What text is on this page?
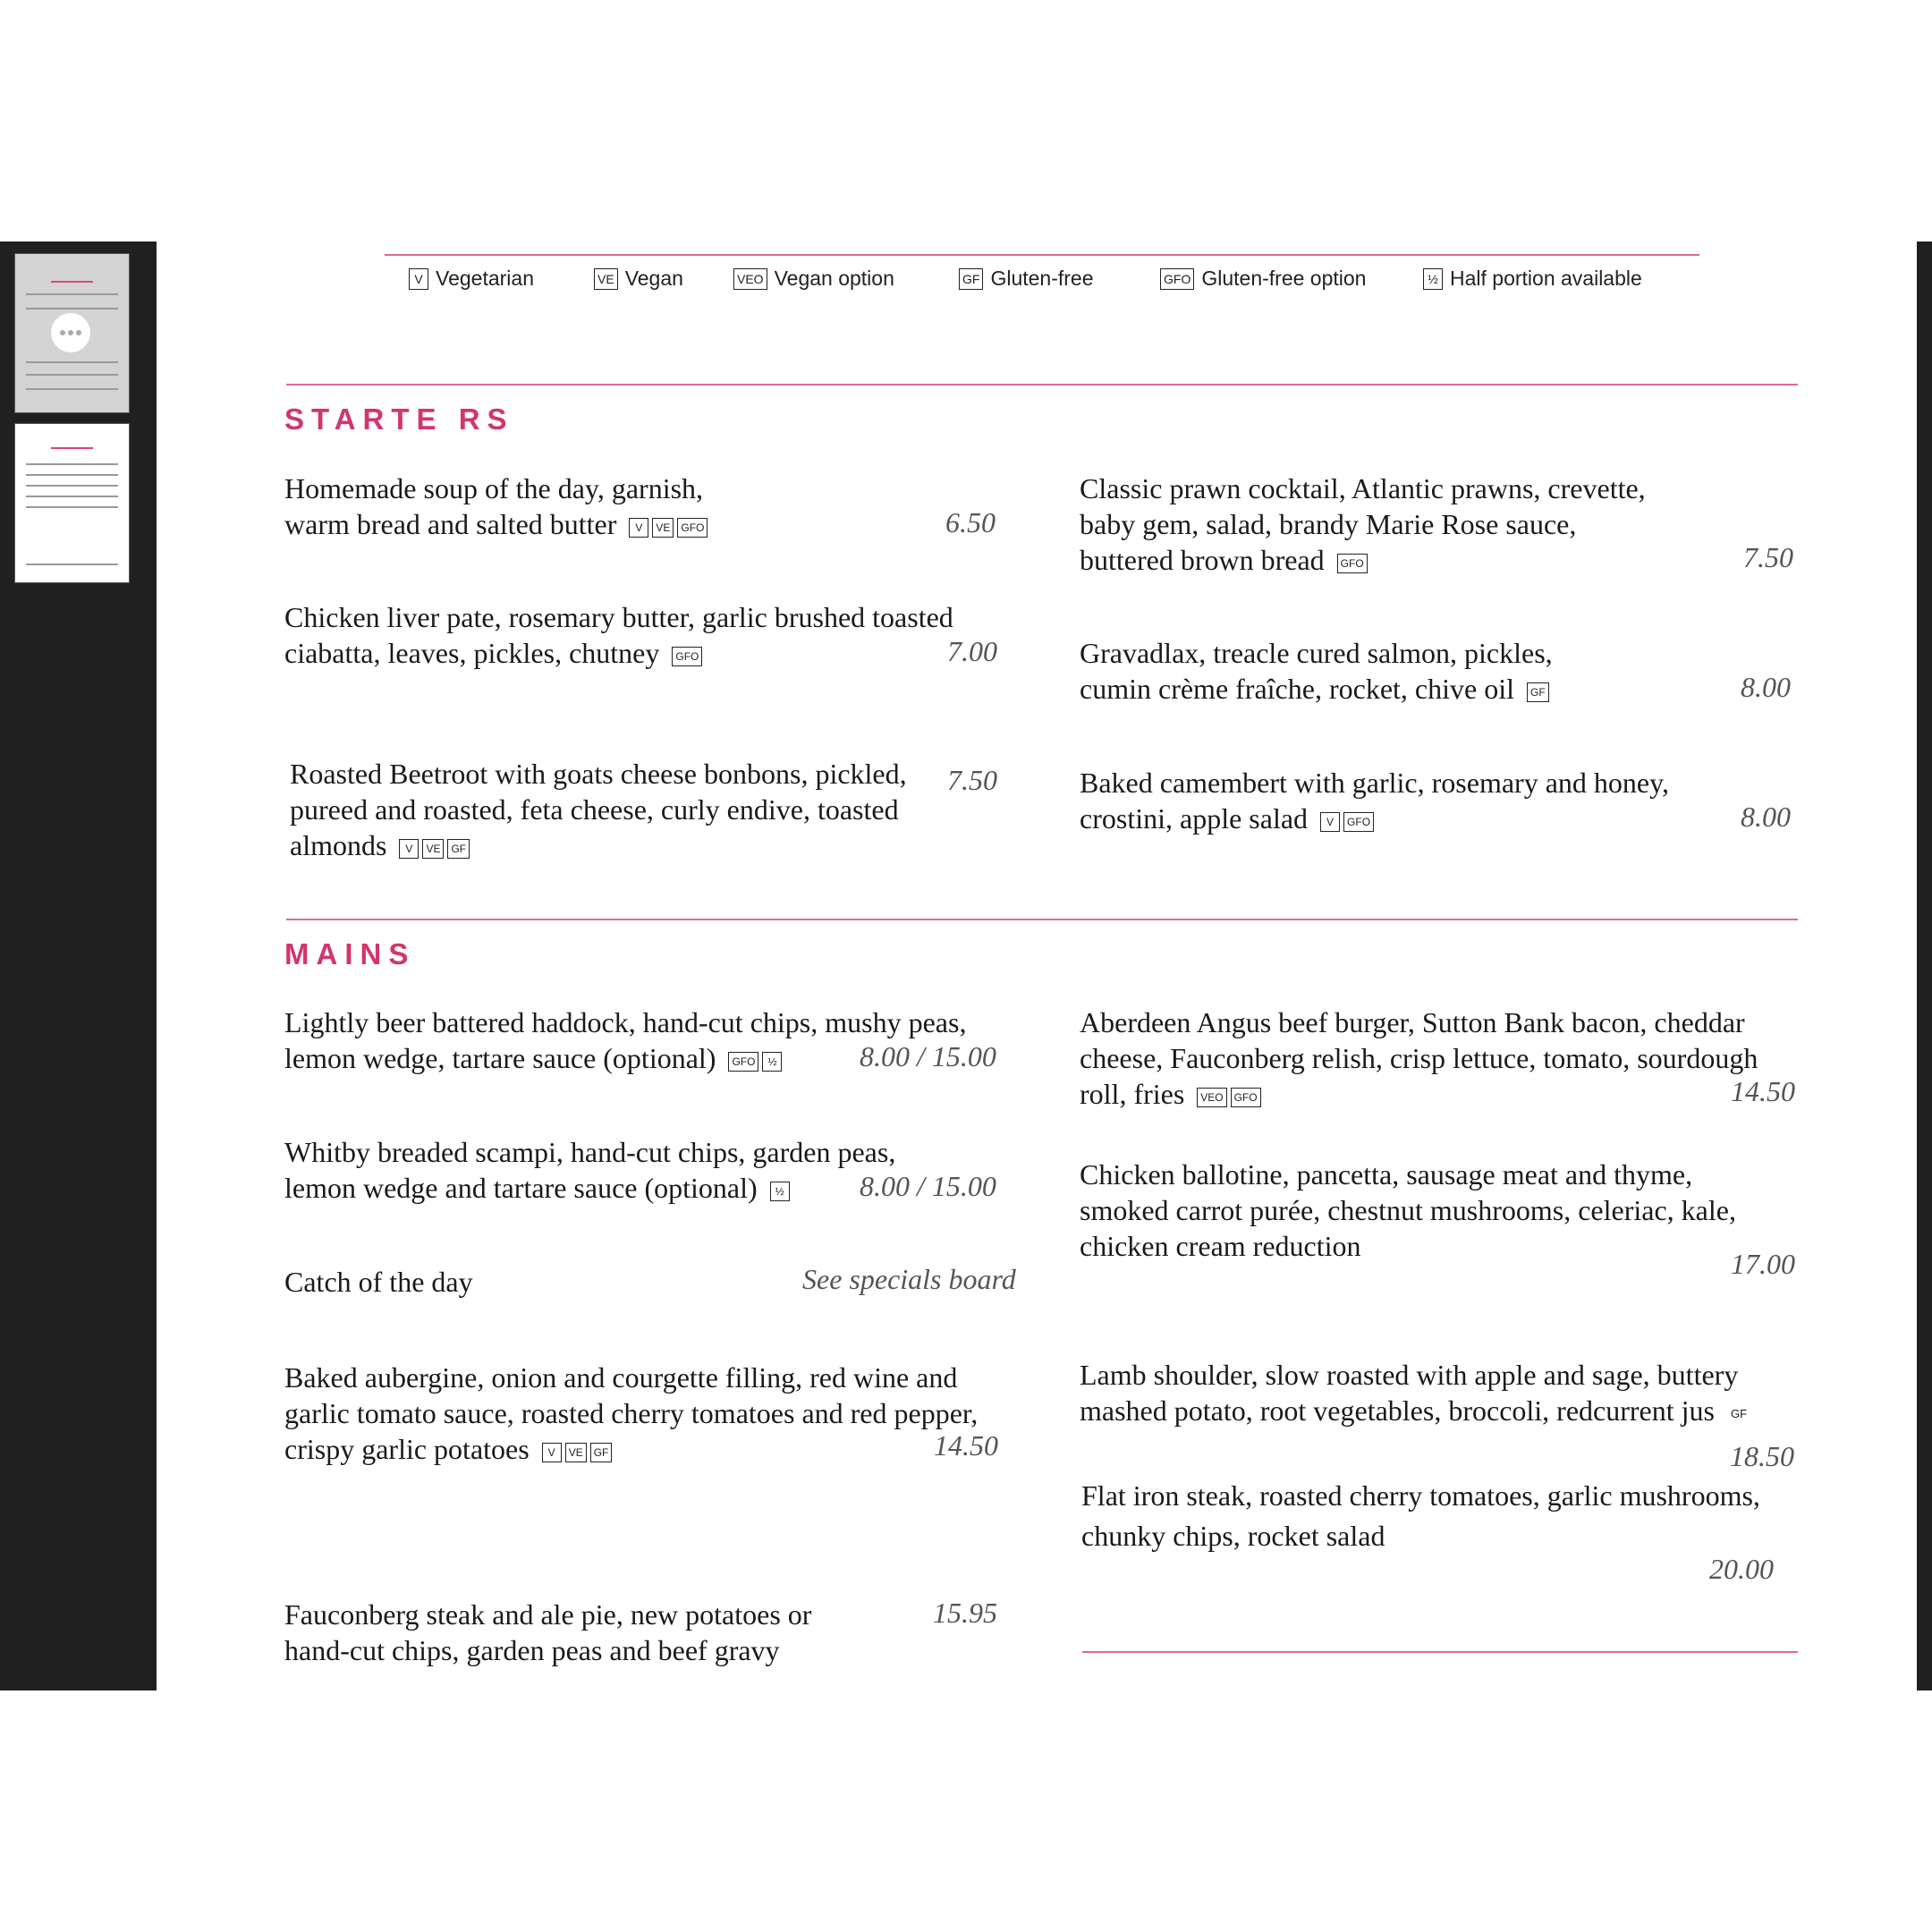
V Vegetarian	VE Vegan	VEO Vegan option	GF Gluten-free	GFO Gluten-free option	½ Half portion available
STARTE RS
Homemade soup of the day, garnish,
warm bread and salted butter V VE GFO	6.50
Chicken liver pate, rosemary butter, garlic brushed toasted
ciabatta, leaves, pickles, chutney GFO	7.00
Roasted Beetroot with goats cheese bonbons, pickled,
pureed and roasted, feta cheese, curly endive, toasted
almonds V VE GF
7.50
Classic prawn cocktail, Atlantic prawns, crevette,
baby gem, salad, brandy Marie Rose sauce,
buttered brown bread GFO	7.50
Gravadlax, treacle cured salmon, pickles,
cumin crème fraîche, rocket, chive oil GF	8.00
Baked camembert with garlic, rosemary and honey,
crostini, apple salad V GFO	8.00
MAINS
Lightly beer battered haddock, hand-cut chips, mushy peas,
lemon wedge, tartare sauce (optional) GFO ½	8.00 / 15.00
Whitby breaded scampi, hand-cut chips, garden peas,
lemon wedge and tartare sauce (optional) ½	8.00 / 15.00
Catch of the day	See specials board
Baked aubergine, onion and courgette filling, red wine and
garlic tomato sauce, roasted cherry tomatoes and red pepper,
crispy garlic potatoes V VE GF	14.50
Fauconberg steak and ale pie, new potatoes or
hand-cut chips, garden peas and beef gravy
15.95
Aberdeen Angus beef burger, Sutton Bank bacon, cheddar
cheese, Fauconberg relish, crisp lettuce, tomato, sourdough
roll, fries VEO GFO	14.50
Chicken ballotine, pancetta, sausage meat and thyme,
smoked carrot purée, chestnut mushrooms, celeriac, kale,
chicken cream reduction
17.00
Lamb shoulder, slow roasted with apple and sage, buttery
mashed potato, root vegetables, broccoli, redcurrent jus GF
18.50
Flat iron steak, roasted cherry tomatoes, garlic mushrooms,
chunky chips, rocket salad
20.00
